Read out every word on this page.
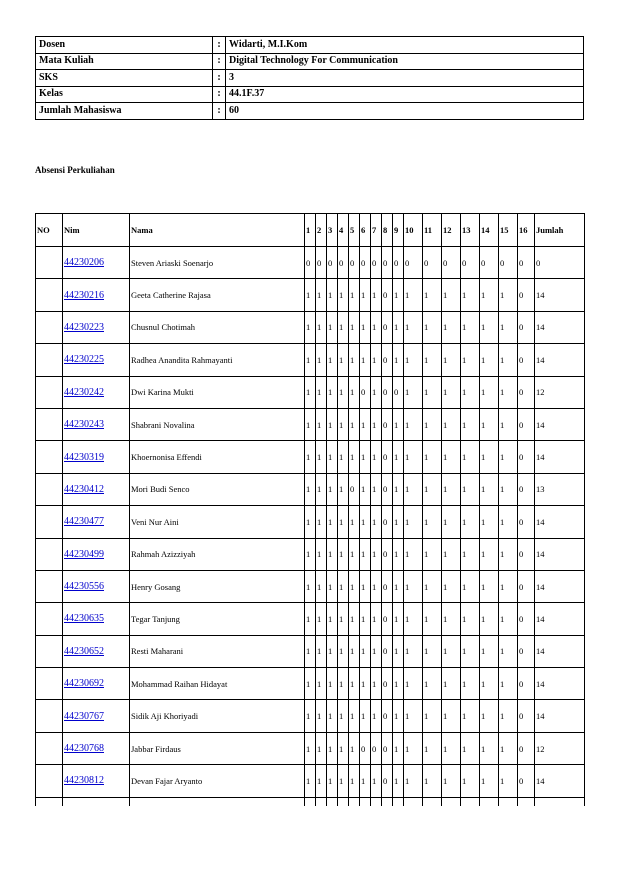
Dosen	:	Widarti, M.I.Kom
Mata Kuliah	:	Digital Technology For Communication
SKS	:	3
Kelas	:	44.1F.37
Jumlah Mahasiswa	:	60
Absensi Perkuliahan
NO	Nim	Nama	1	2	3	4	5	6	7	8	9	10	11	12	13	14	15	16	Jumlah
	44230206	Steven Ariaski Soenarjo	0	0	0	0	0	0	0	0	0	0	0	0	0	0	0	0	0
	44230216	Geeta Catherine Rajasa	1	1	1	1	1	1	1	0	1	1	1	1	1	1	1	0	14
	44230223	Chusnul Chotimah	1	1	1	1	1	1	1	0	1	1	1	1	1	1	1	0	14
	44230225	Radhea Anandita Rahmayanti	1	1	1	1	1	1	1	0	1	1	1	1	1	1	1	0	14
	44230242	Dwi Karina Mukti	1	1	1	1	1	0	1	0	0	1	1	1	1	1	1	0	12
	44230243	Shabrani Novalina	1	1	1	1	1	1	1	0	1	1	1	1	1	1	1	0	14
	44230319	Khoernonisa Effendi	1	1	1	1	1	1	1	0	1	1	1	1	1	1	1	0	14
	44230412	Mori Budi Senco	1	1	1	1	0	1	1	0	1	1	1	1	1	1	1	0	13
	44230477	Veni Nur Aini	1	1	1	1	1	1	1	0	1	1	1	1	1	1	1	0	14
	44230499	Rahmah Azizziyah	1	1	1	1	1	1	1	0	1	1	1	1	1	1	1	0	14
	44230556	Henry Gosang	1	1	1	1	1	1	1	0	1	1	1	1	1	1	1	0	14
	44230635	Tegar Tanjung	1	1	1	1	1	1	1	0	1	1	1	1	1	1	1	0	14
	44230652	Resti Maharani	1	1	1	1	1	1	1	0	1	1	1	1	1	1	1	0	14
	44230692	Mohammad Raihan Hidayat	1	1	1	1	1	1	1	0	1	1	1	1	1	1	1	0	14
	44230767	Sidik Aji Khoriyadi	1	1	1	1	1	1	1	0	1	1	1	1	1	1	1	0	14
	44230768	Jabbar Firdaus	1	1	1	1	1	0	0	0	1	1	1	1	1	1	1	0	12
	44230812	Devan Fajar Aryanto	1	1	1	1	1	1	1	0	1	1	1	1	1	1	1	0	14
